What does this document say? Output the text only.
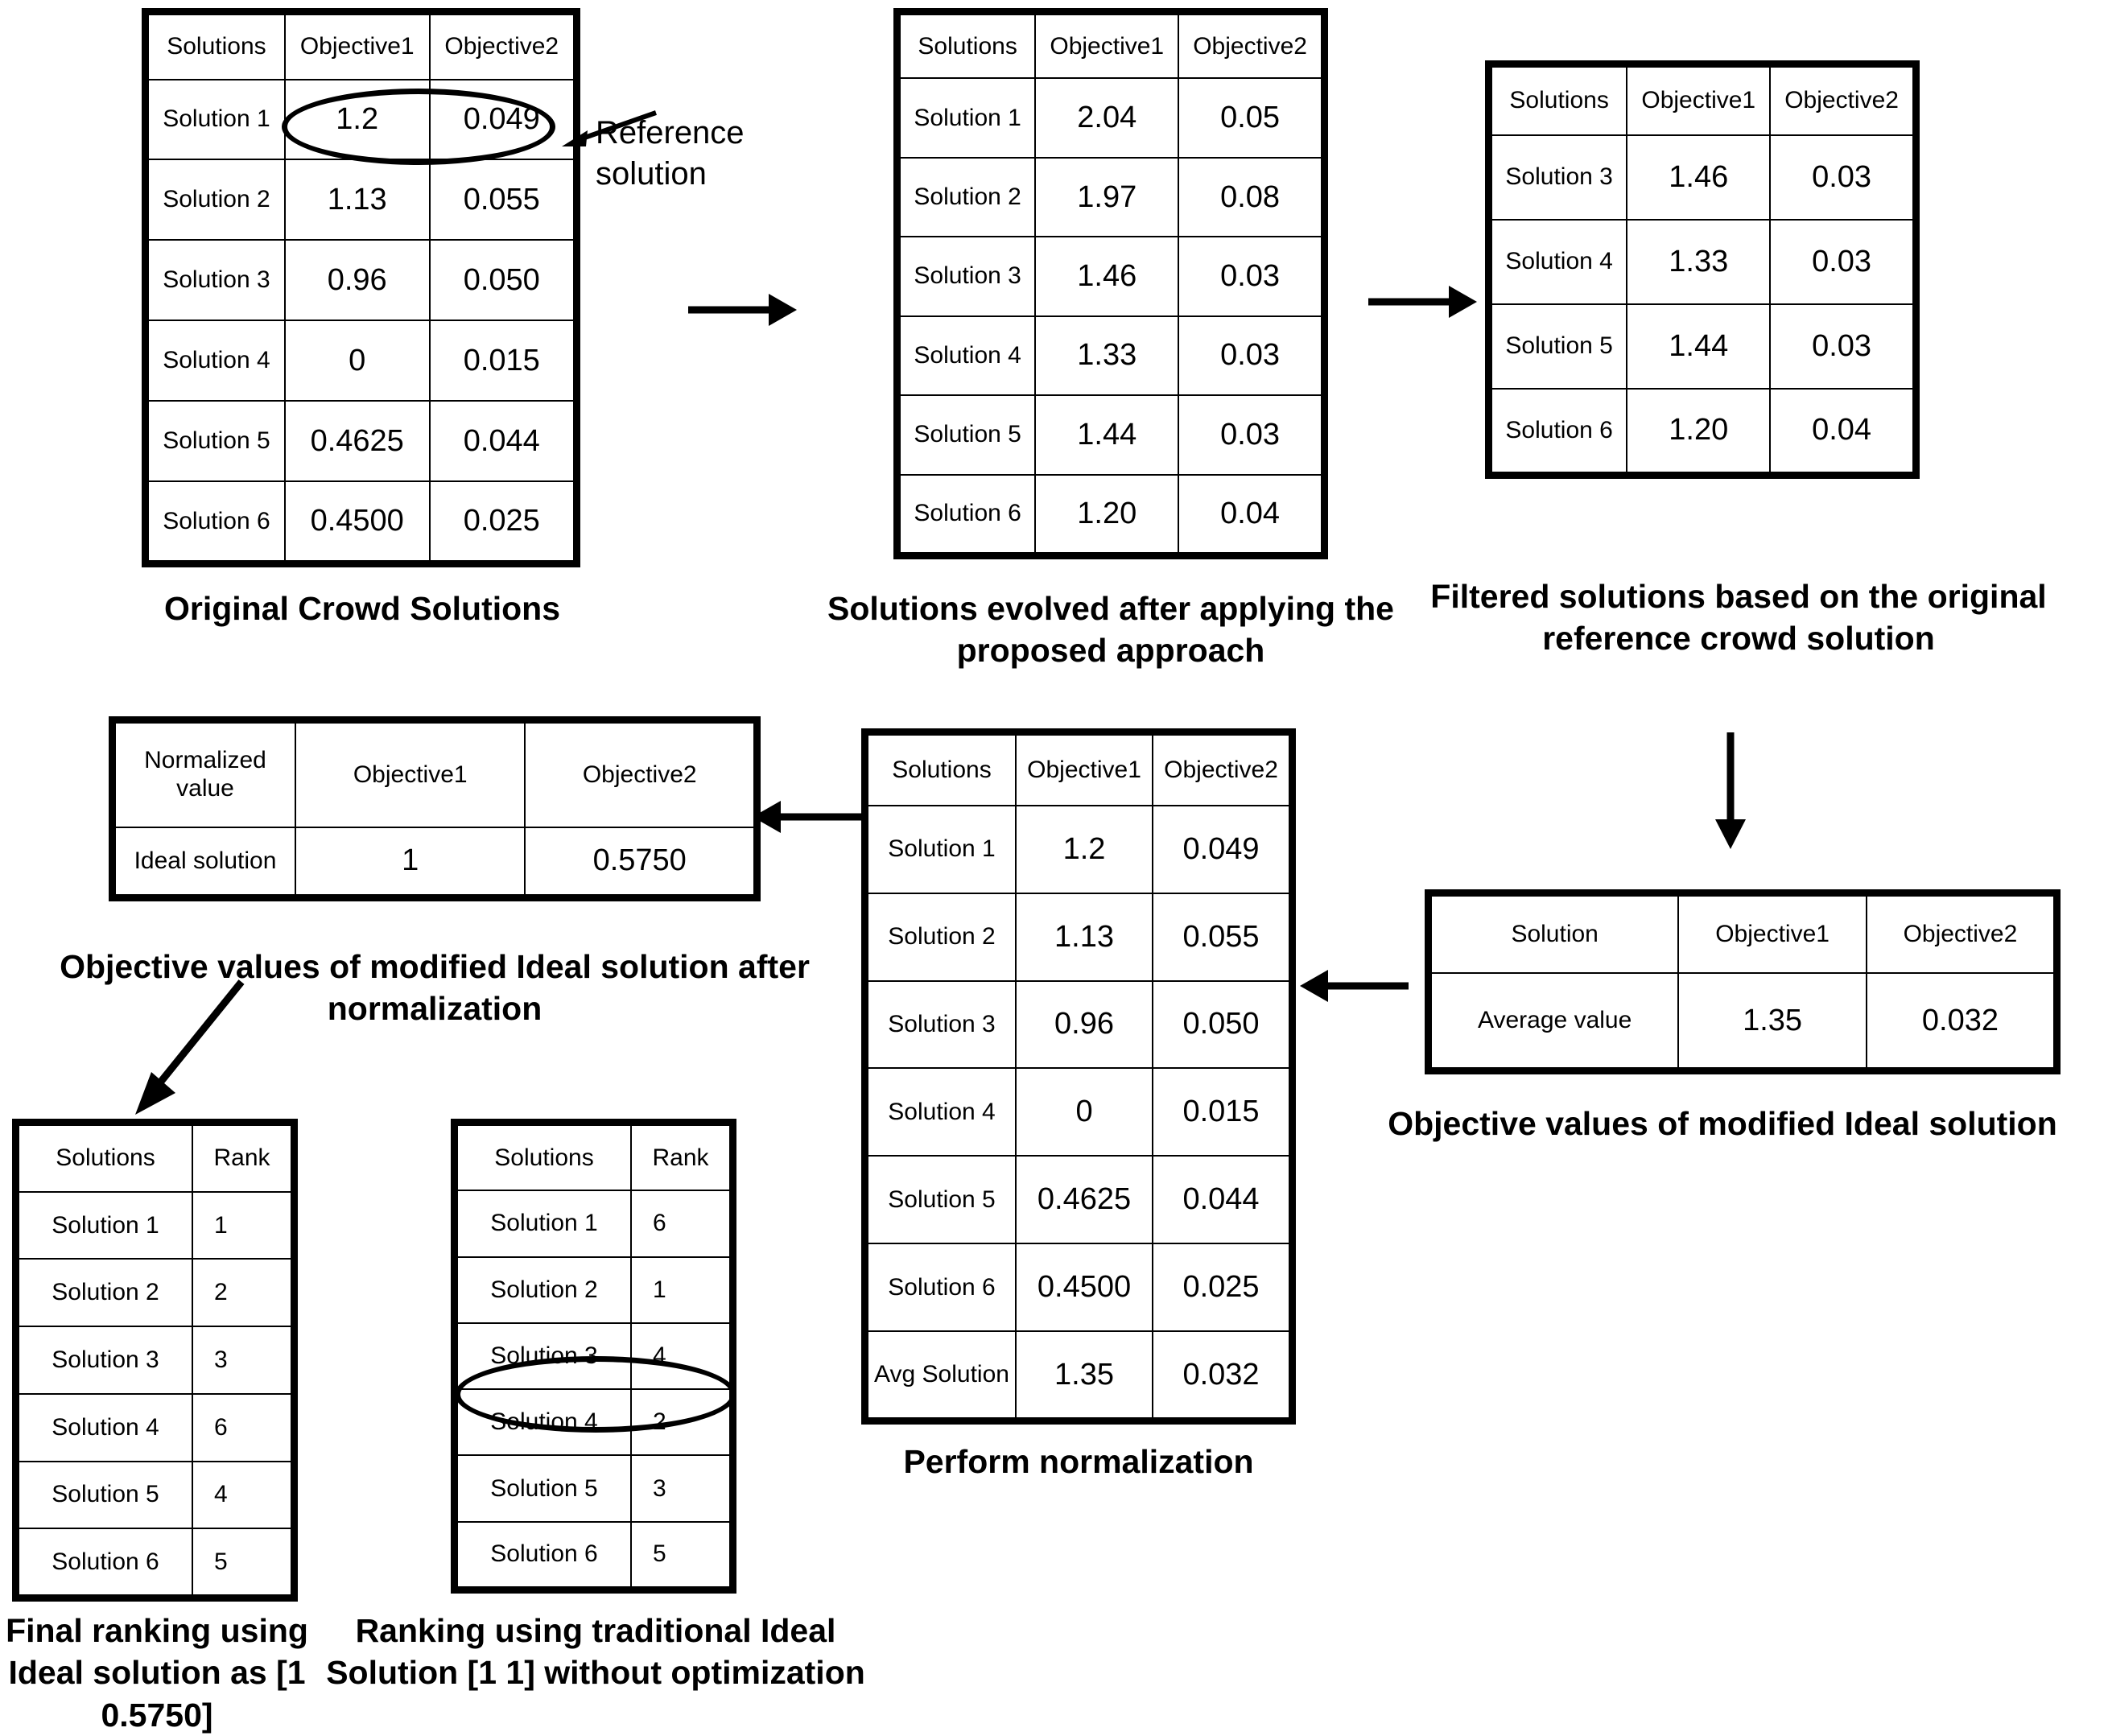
Solutions	Objective1	Objective2
Solution 1	1.2	0.049
Solution 2	1.13	0.055
Solution 3	0.96	0.050
Solution 4	0	0.015
Solution 5	0.4625	0.044
Solution 6	0.4500	0.025
Reference solution
Original Crowd Solutions
Solutions	Objective1	Objective2
Solution 1	2.04	0.05
Solution 2	1.97	0.08
Solution 3	1.46	0.03
Solution 4	1.33	0.03
Solution 5	1.44	0.03
Solution 6	1.20	0.04
Solutions evolved after applying the proposed approach
Solutions	Objective1	Objective2
Solution 3	1.46	0.03
Solution 4	1.33	0.03
Solution 5	1.44	0.03
Solution 6	1.20	0.04
Filtered solutions based on the original reference crowd solution
Solution	Objective1	Objective2
Average value	1.35	0.032
Objective values of modified Ideal solution
Solutions	Objective1	Objective2
Solution 1	1.2	0.049
Solution 2	1.13	0.055
Solution 3	0.96	0.050
Solution 4	0	0.015
Solution 5	0.4625	0.044
Solution 6	0.4500	0.025
Avg Solution	1.35	0.032
Perform normalization
Normalized value	Objective1	Objective2
Ideal solution	1	0.5750
Objective values of modified Ideal solution after normalization
Solutions	Rank
Solution 1	1
Solution 2	2
Solution 3	3
Solution 4	6
Solution 5	4
Solution 6	5
Final ranking using Ideal solution as [1 0.5750]
Solutions	Rank
Solution 1	6
Solution 2	1
Solution 3	4
Solution 4	2
Solution 5	3
Solution 6	5
Ranking using traditional Ideal Solution [1 1] without optimization
